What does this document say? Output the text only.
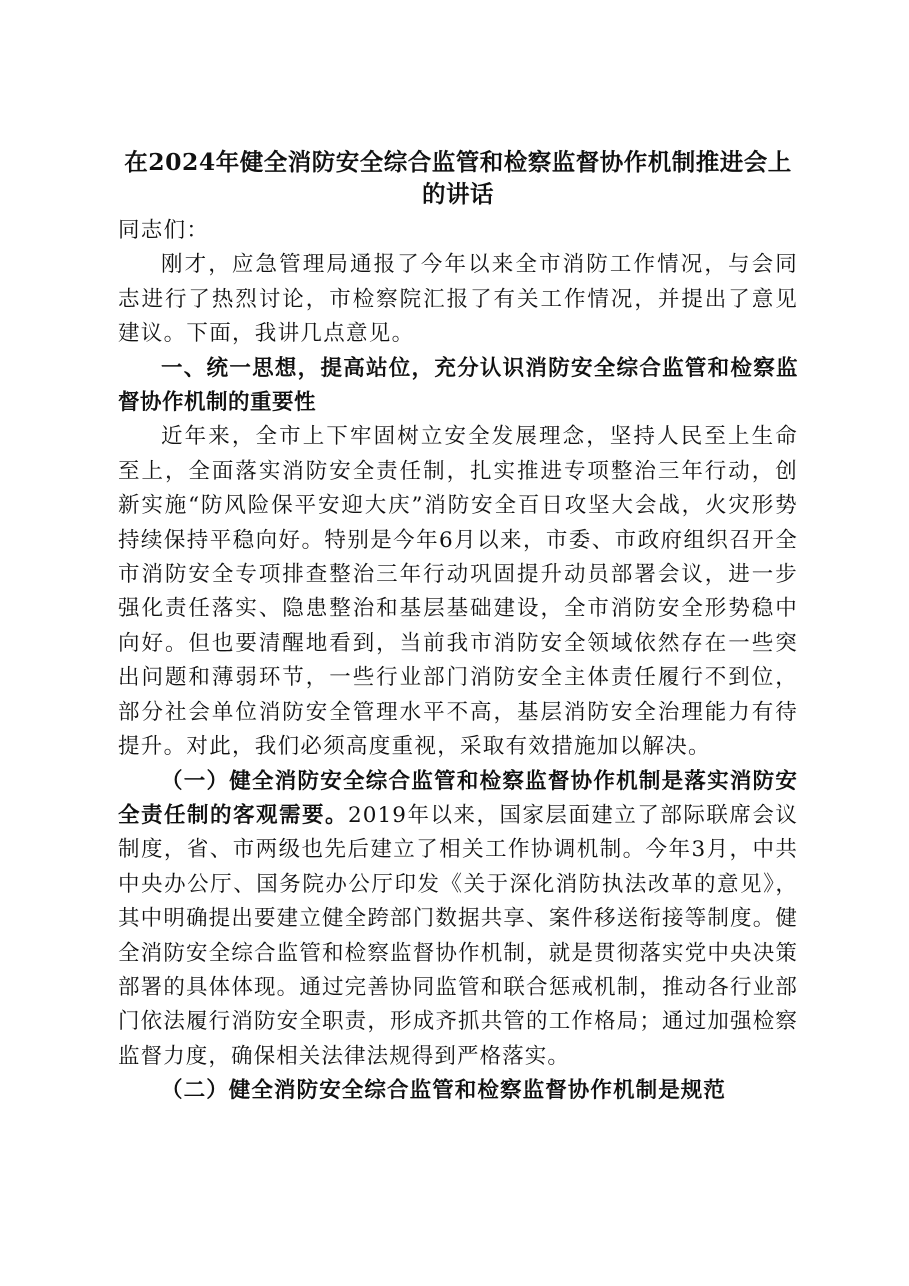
在2024年健全消防安全综合监管和检察监督协作机制推进会上
的讲话

同志们：

刚才，应急管理局通报了今年以来全市消防工作情况，与会同志进行了热烈讨论，市检察院汇报了有关工作情况，并提出了意见建议。下面，我讲几点意见。

一、统一思想，提高站位，充分认识消防安全综合监管和检察监督协作机制的重要性

近年来，全市上下牢固树立安全发展理念，坚持人民至上生命至上，全面落实消防安全责任制，扎实推进专项整治三年行动，创新实施“防风险保平安迎大庆”消防安全百日攻坚大会战，火灾形势持续保持平稳向好。特别是今年6月以来，市委、市政府组织召开全市消防安全专项排查整治三年行动巩固提升动员部署会议，进一步强化责任落实、隐患整治和基层基础建设，全市消防安全形势稳中向好。但也要清醒地看到，当前我市消防安全领域依然存在一些突出问题和薄弱环节，一些行业部门消防安全主体责任履行不到位，部分社会单位消防安全管理水平不高，基层消防安全治理能力有待提升。对此，我们必须高度重视，采取有效措施加以解决。

（一）健全消防安全综合监管和检察监督协作机制是落实消防安全责任制的客观需要。2019年以来，国家层面建立了部际联席会议制度，省、市两级也先后建立了相关工作协调机制。今年3月，中共中央办公厅、国务院办公厅印发《关于深化消防执法改革的意见》，其中明确提出要建立健全跨部门数据共享、案件移送衔接等制度。健全消防安全综合监管和检察监督协作机制，就是贯彻落实党中央决策部署的具体体现。通过完善协同监管和联合惩戒机制，推动各行业部门依法履行消防安全职责，形成齐抓共管的工作格局；通过加强检察监督力度，确保相关法律法规得到严格落实。

（二）健全消防安全综合监管和检察监督协作机制是规范
